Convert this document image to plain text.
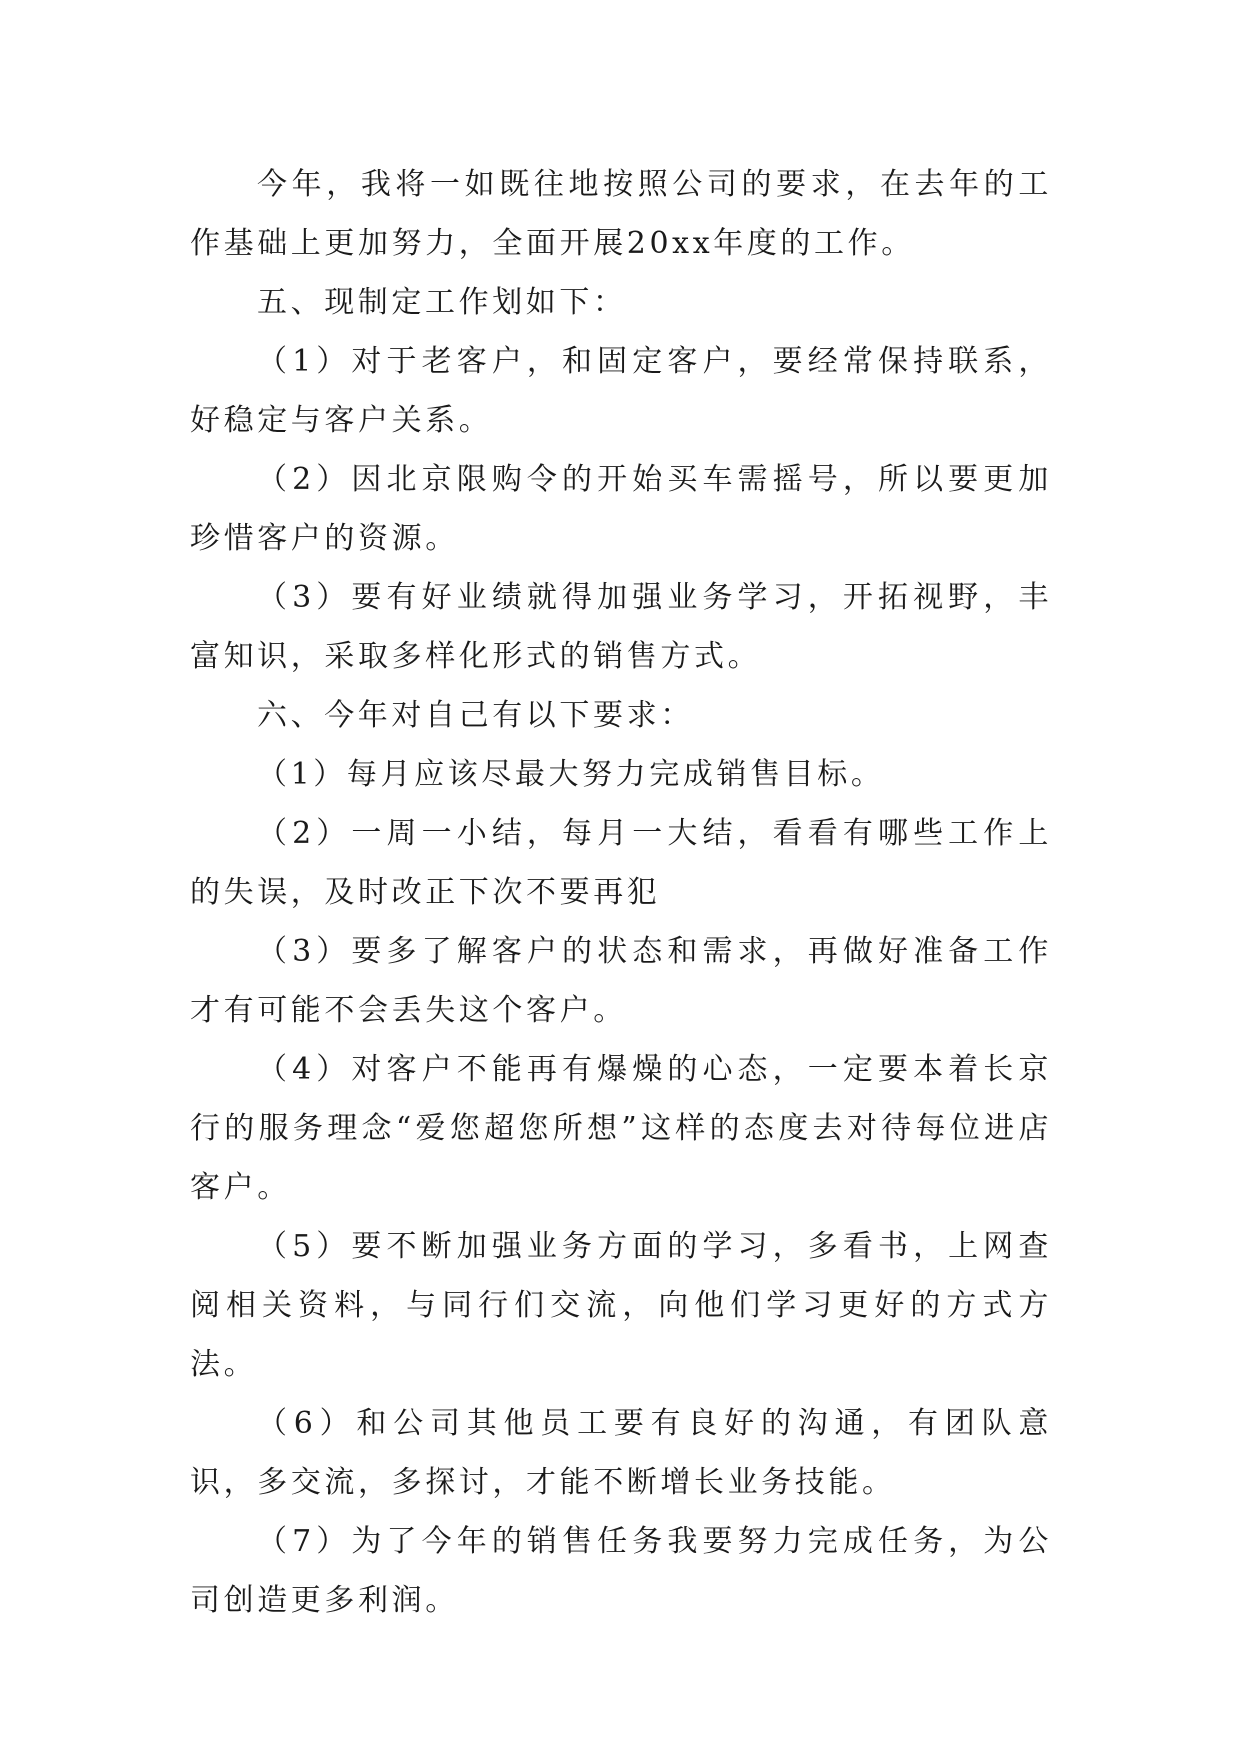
今年，我将一如既往地按照公司的要求，在去年的工作基础上更加努力，全面开展20xx年度的工作。

五、现制定工作划如下：

（1）对于老客户，和固定客户，要经常保持联系，好稳定与客户关系。

（2）因北京限购令的开始买车需摇号，所以要更加珍惜客户的资源。

（3）要有好业绩就得加强业务学习，开拓视野，丰富知识，采取多样化形式的销售方式。

六、今年对自己有以下要求：

（1）每月应该尽最大努力完成销售目标。

（2）一周一小结，每月一大结，看看有哪些工作上的失误，及时改正下次不要再犯

（3）要多了解客户的状态和需求，再做好准备工作才有可能不会丢失这个客户。

（4）对客户不能再有爆燥的心态，一定要本着长京行的服务理念“爱您超您所想”这样的态度去对待每位进店客户。

（5）要不断加强业务方面的学习，多看书，上网查阅相关资料，与同行们交流，向他们学习更好的方式方法。

（6）和公司其他员工要有良好的沟通，有团队意识，多交流，多探讨，才能不断增长业务技能。

（7）为了今年的销售任务我要努力完成任务，为公司创造更多利润。
